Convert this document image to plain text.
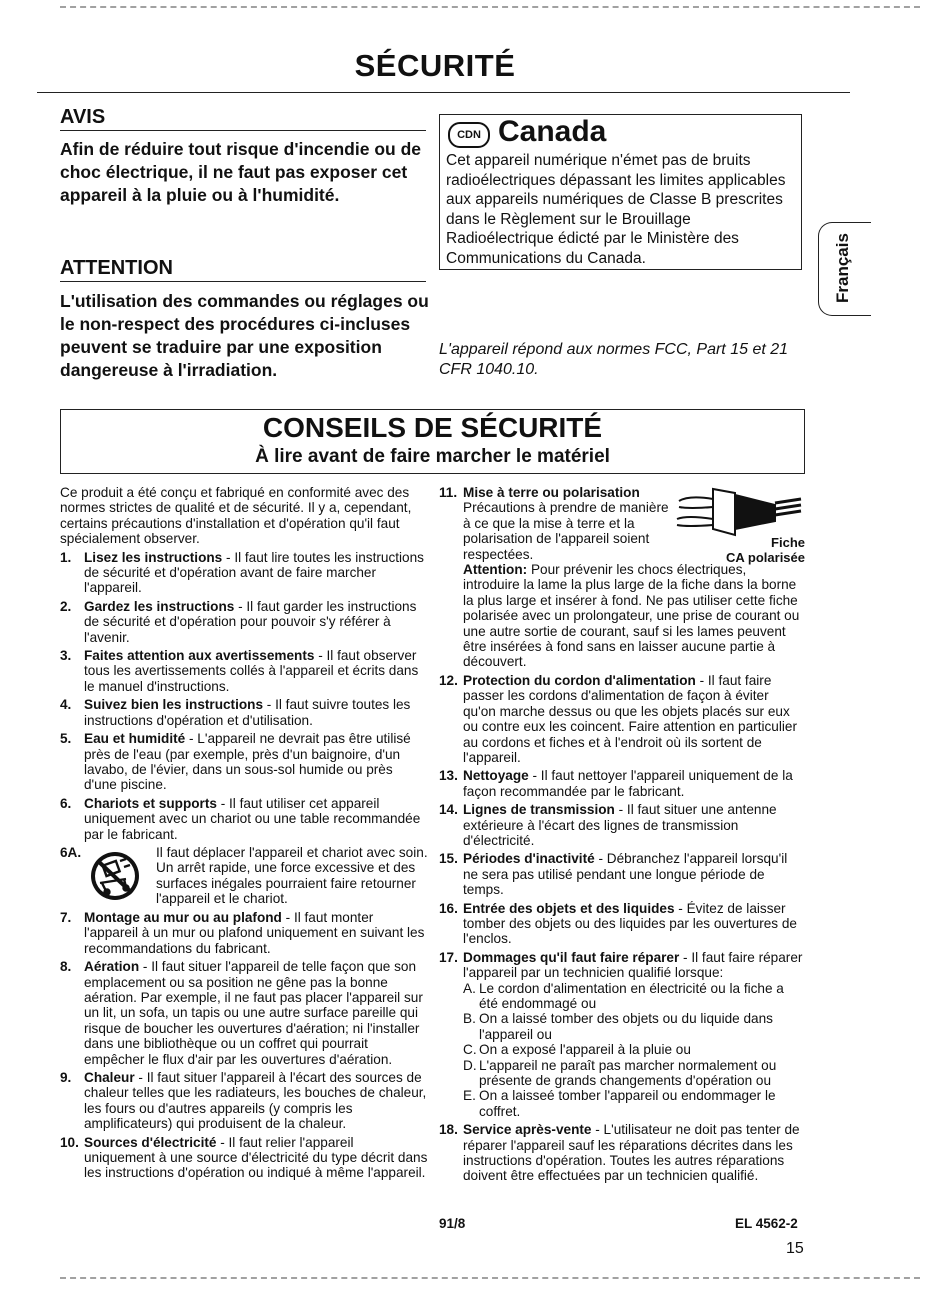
SÉCURITÉ
AVIS
Afin de réduire tout risque d'incendie ou de choc électrique, il ne faut pas exposer cet appareil à la pluie ou à l'humidité.
ATTENTION
L'utilisation des commandes ou réglages ou le non-respect des procédures ci-incluses peuvent se traduire par une exposition dangereuse à l'irradiation.
CDN Canada
Cet appareil numérique n'émet pas de bruits radioélectriques dépassant les limites applicables aux appareils numériques de Classe B prescrites dans le Règlement sur le Brouillage Radioélectrique édicté par le Ministère des Communications du Canada.
L'appareil répond aux normes FCC, Part 15 et 21 CFR 1040.10.
Français
CONSEILS DE SÉCURITÉ
À lire avant de faire marcher le matériel

Ce produit a été conçu et fabriqué en conformité avec des normes strictes de qualité et de sécurité. Il y a, cependant, certains précautions d'installation et d'opération qu'il faut spécialement observer.

1. Lisez les instructions - Il faut lire toutes les instructions de sécurité et d'opération avant de faire marcher l'appareil.
2. Gardez les instructions - Il faut garder les instructions de sécurité et d'opération pour pouvoir s'y référer à l'avenir.
3. Faites attention aux avertissements - Il faut observer tous les avertissements collés à l'appareil et écrits dans le manuel d'instructions.
4. Suivez bien les instructions - Il faut suivre toutes les instructions d'opération et d'utilisation.
5. Eau et humidité - L'appareil ne devrait pas être utilisé près de l'eau (par exemple, près d'un baignoire, d'un lavabo, de l'évier, dans un sous-sol humide ou près d'une piscine.
6. Chariots et supports - Il faut utiliser cet appareil uniquement avec un chariot ou une table recommandée par le fabricant.
6A.	Il faut déplacer l'appareil et chariot avec soin. Un arrêt rapide, une force excessive et des surfaces inégales pourraient faire retourner l'appareil et le chariot.
7. Montage au mur ou au plafond - Il faut monter l'appareil à un mur ou plafond uniquement en suivant les recommandations du fabricant.
8. Aération - Il faut situer l'appareil de telle façon que son emplacement ou sa position ne gêne pas la bonne aération. Par exemple, il ne faut pas placer l'appareil sur un lit, un sofa, un tapis ou une autre surface pareille qui risque de boucher les ouvertures d'aération; ni l'installer dans une bibliothèque ou un coffret qui pourrait empêcher le flux d'air par les ouvertures d'aération.
9. Chaleur - Il faut situer l'appareil à l'écart des sources de chaleur telles que les radiateurs, les bouches de chaleur, les fours ou d'autres appareils (y compris les amplificateurs) qui produisent de la chaleur.
10. Sources d'électricité - Il faut relier l'appareil uniquement à une source d'électricité du type décrit dans les instructions d'opération ou indiqué à même l'appareil.
11.
Fiche
CA polarisée
Mise à terre ou polarisation
Précautions à prendre de manière à ce que la mise à terre et la polarisation de l'appareil soient respectées.
Attention: Pour prévenir les chocs électriques, introduire la lame la plus large de la fiche dans la borne la plus large et insérer à fond. Ne pas utiliser cette fiche polarisée avec un prolongateur, une prise de courant ou une autre sortie de courant, sauf si les lames peuvent être insérées à fond sans en laisser aucune partie à découvert.
12. Protection du cordon d'alimentation - Il faut faire passer les cordons d'alimentation de façon à éviter qu'on marche dessus ou que les objets placés sur eux ou contre eux les coincent. Faire attention en particulier au cordons et fiches et à l'endroit où ils sortent de l'appareil.
13. Nettoyage - Il faut nettoyer l'appareil uniquement de la façon recommandée par le fabricant.
14. Lignes de transmission - Il faut situer une antenne extérieure à l'écart des lignes de transmission d'électricité.
15. Périodes d'inactivité - Débranchez l'appareil lorsqu'il ne sera pas utilisé pendant une longue période de temps.
16. Entrée des objets et des liquides - Évitez de laisser tomber des objets ou des liquides par les ouvertures de l'enclos.
17. Dommages qu'il faut faire réparer - Il faut faire réparer l'appareil par un technicien qualifié lorsque:
A. Le cordon d'alimentation en électricité ou la fiche a été endommagé ou
B. On a laissé tomber des objets ou du liquide dans l'appareil ou
C. On a exposé l'appareil à la pluie ou
D. L'appareil ne paraît pas marcher normalement ou présente de grands changements d'opération ou
E. On a laisseé tomber l'appareil ou endommager le coffret.
18. Service après-vente - L'utilisateur ne doit pas tenter de réparer l'appareil sauf les réparations décrites dans les instructions d'opération. Toutes les autres réparations doivent être effectuées par un technicien qualifié.
91/8	EL 4562-2
15
